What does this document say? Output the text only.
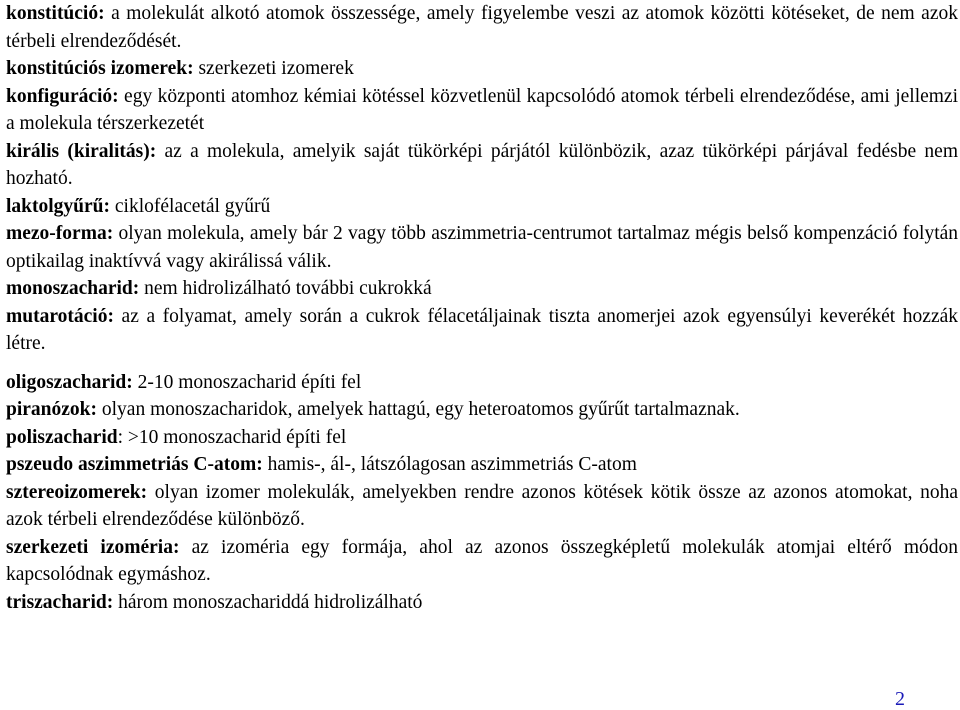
konstitúció: a molekulát alkotó atomok összessége, amely figyelembe veszi az atomok közötti kötéseket, de nem azok térbeli elrendeződését.

konstitúciós izomerek: szerkezeti izomerek

konfiguráció: egy központi atomhoz kémiai kötéssel közvetlenül kapcsolódó atomok térbeli elrendeződése, ami jellemzi a molekula térszerkezetét

királis (kiralitás): az a molekula, amelyik saját tükörképi párjától különbözik, azaz tükörképi párjával fedésbe nem hozható.

laktolgyűrű: ciklofélacetál gyűrű

mezo-forma: olyan molekula, amely bár 2 vagy több aszimmetria-centrumot tartalmaz mégis belső kompenzáció folytán optikailag inaktívvá vagy akirálissá válik.

monoszacharid: nem hidrolizálható további cukrokká

mutarotáció: az a folyamat, amely során a cukrok félacetáljainak tiszta anomerjei azok egyensúlyi keverékét hozzák létre.

oligoszacharid: 2-10 monoszacharid építi fel

piranózok: olyan monoszacharidok, amelyek hattagú, egy heteroatomos gyűrűt tartalmaznak.

poliszacharid: >10 monoszacharid építi fel

pszeudo aszimmetriás C-atom: hamis-, ál-, látszólagosan aszimmetriás C-atom

sztereoizomerek: olyan izomer molekulák, amelyekben rendre azonos kötések kötik össze az azonos atomokat, noha azok térbeli elrendeződése különböző.

szerkezeti izoméria: az izoméria egy formája, ahol az azonos összegképletű molekulák atomjai eltérő módon kapcsolódnak egymáshoz.

triszacharid: három monoszachariddá hidrolizálható

2
